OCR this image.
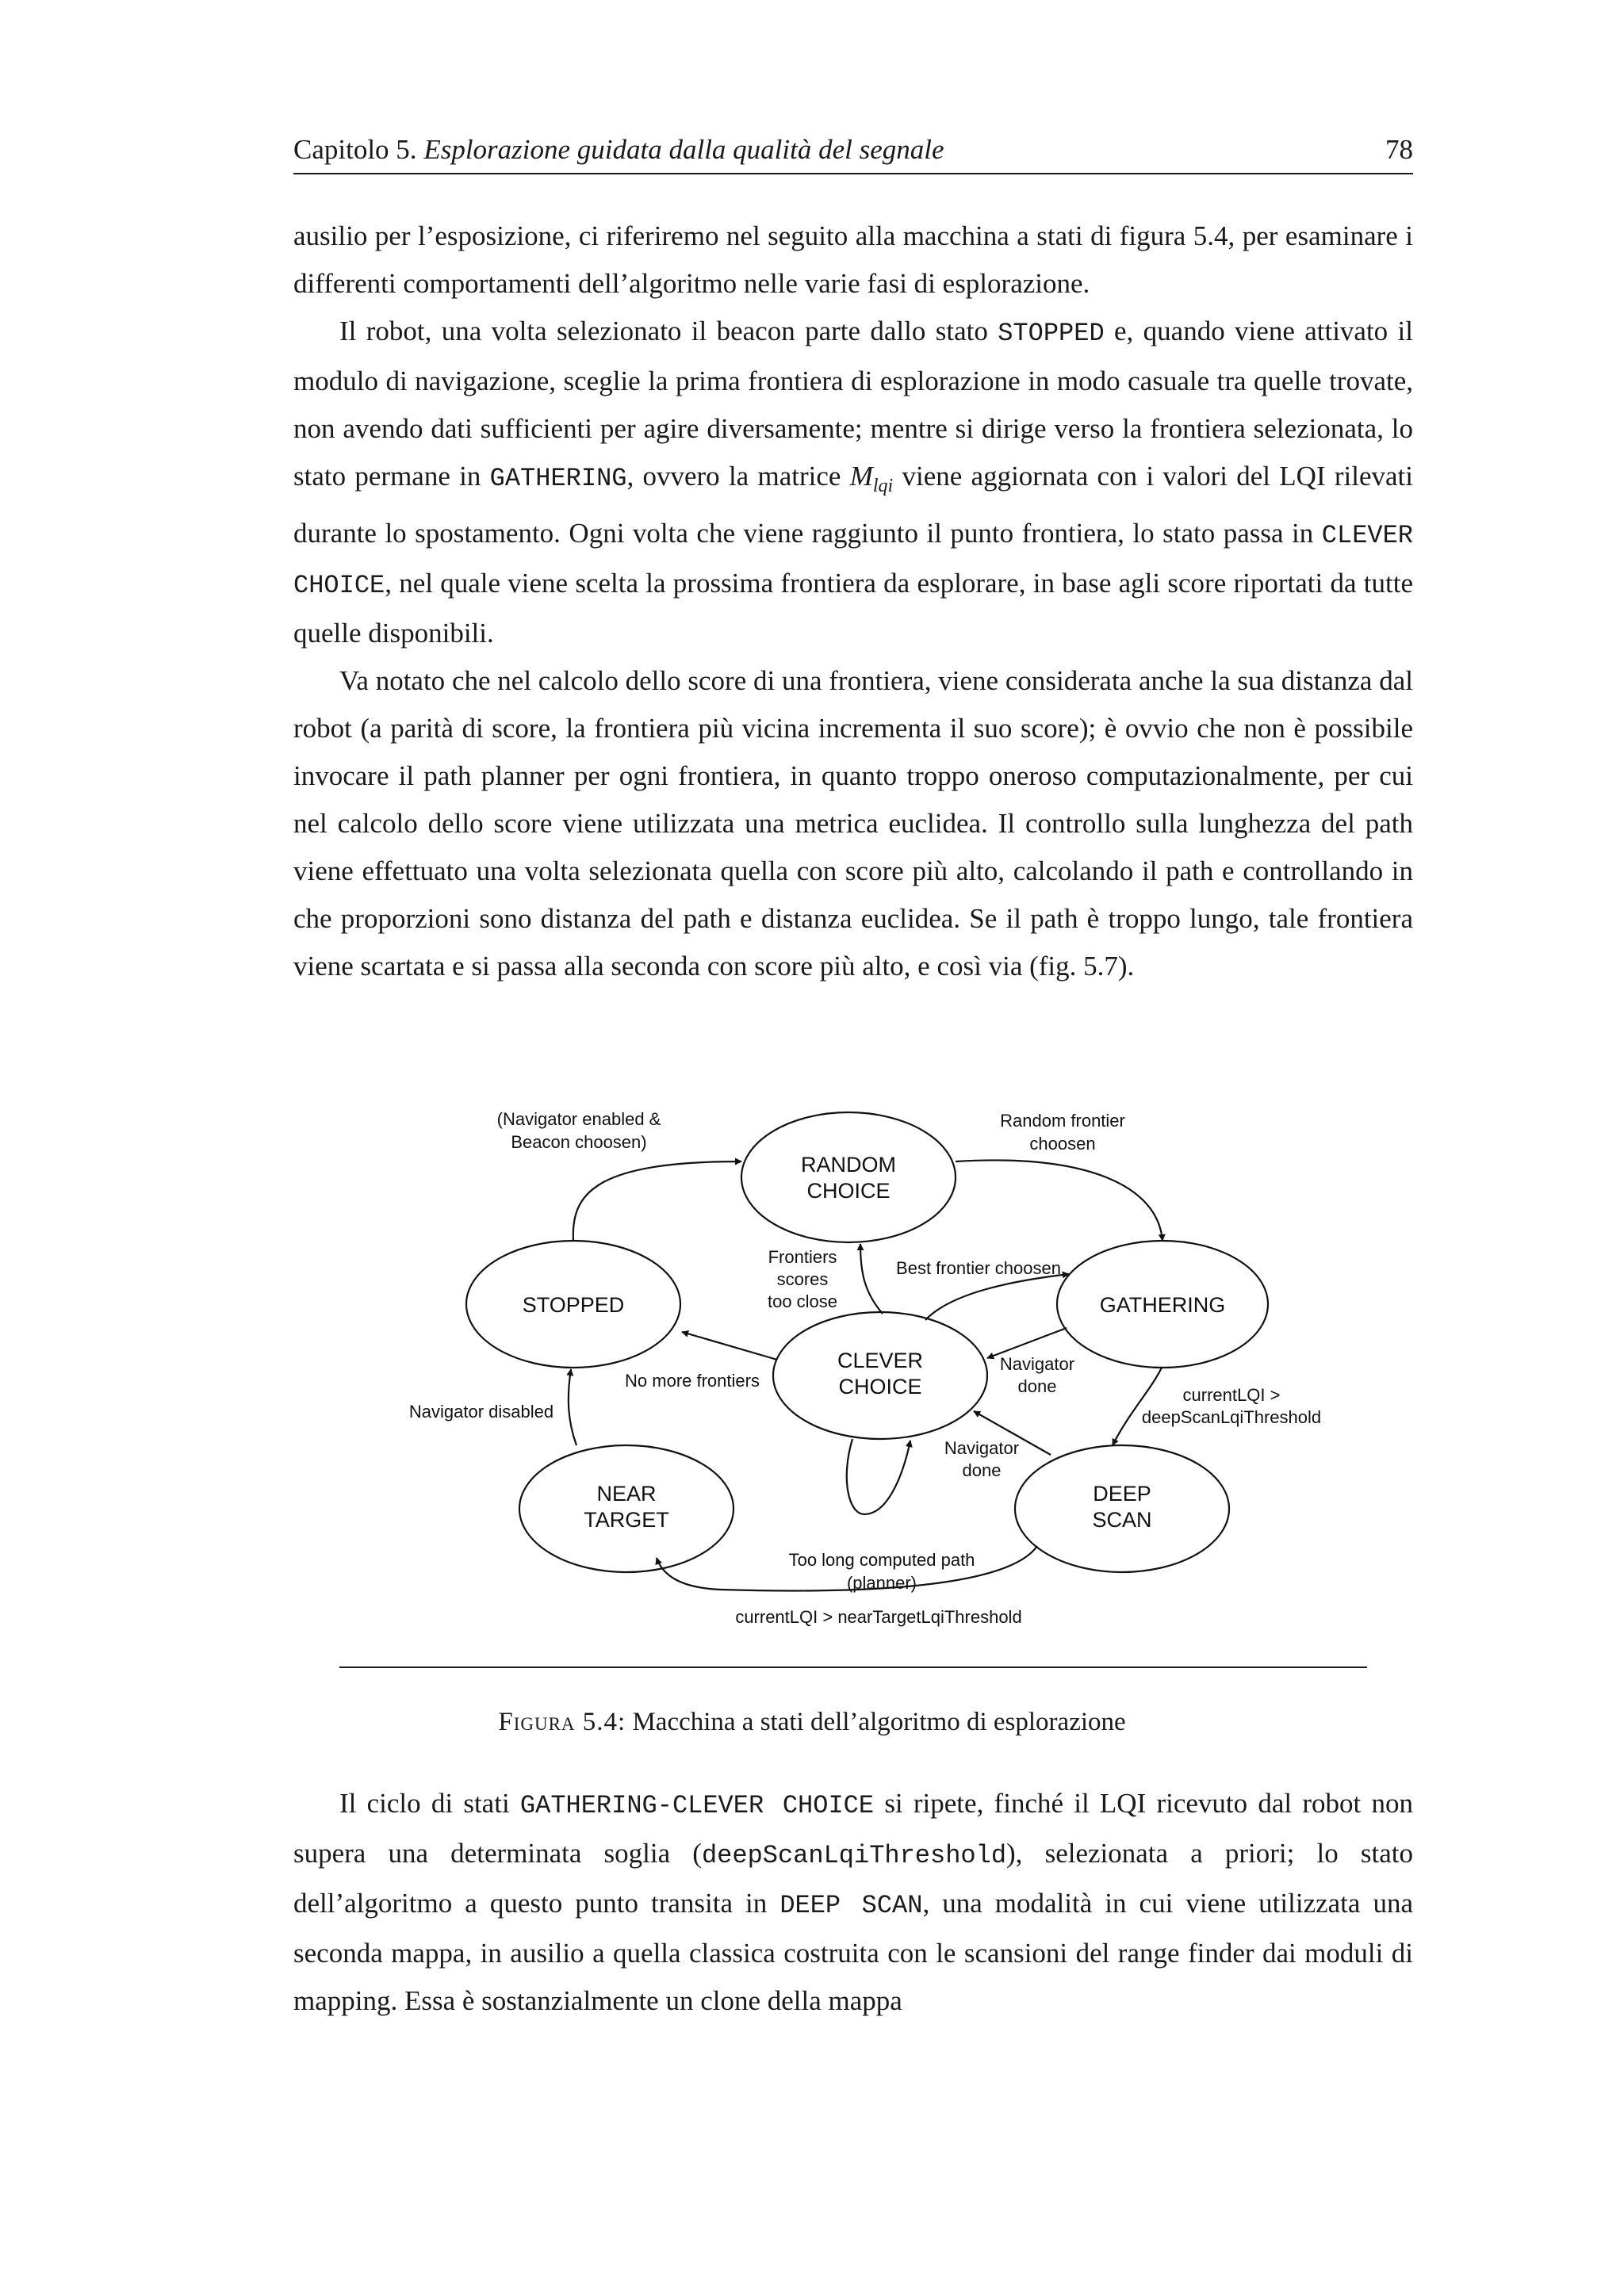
Capitolo 5. Esplorazione guidata dalla qualità del segnale	78

ausilio per l’esposizione, ci riferiremo nel seguito alla macchina a stati di figura 5.4, per esaminare i differenti comportamenti dell’algoritmo nelle varie fasi di esplorazione.

Il robot, una volta selezionato il beacon parte dallo stato STOPPED e, quando viene attivato il modulo di navigazione, sceglie la prima frontiera di esplorazione in modo casuale tra quelle trovate, non avendo dati sufficienti per agire diversamente; mentre si dirige verso la frontiera selezionata, lo stato permane in GATHERING, ovvero la matrice $M_{lqi}$ viene aggiornata con i valori del LQI rilevati durante lo spostamento. Ogni volta che viene raggiunto il punto frontiera, lo stato passa in CLEVER CHOICE, nel quale viene scelta la prossima frontiera da esplorare, in base agli score riportati da tutte quelle disponibili.

Va notato che nel calcolo dello score di una frontiera, viene considerata anche la sua distanza dal robot (a parità di score, la frontiera più vicina incrementa il suo score); è ovvio che non è possibile invocare il path planner per ogni frontiera, in quanto troppo oneroso computazionalmente, per cui nel calcolo dello score viene utilizzata una metrica euclidea. Il controllo sulla lunghezza del path viene effettuato una volta selezionata quella con score più alto, calcolando il path e controllando in che proporzioni sono distanza del path e distanza euclidea. Se il path è troppo lungo, tale frontiera viene scartata e si passa alla seconda con score più alto, e così via (fig. 5.7).

RANDOM
CHOICE
STOPPED	GATHERING
CLEVER
CHOICE
NEAR
TARGET
DEEP
SCAN
(Navigator enabled &
Beacon choosen)
Random frontier
choosen
Frontiers
scores
too close
Best frontier choosen
No more frontiers
Navigator
done
Navigator disabled
currentLQI >
deepScanLqiThreshold
Navigator
done
Too long computed path
(planner)
currentLQI > nearTargetLqiThreshold
Figura 5.4: Macchina a stati dell’algoritmo di esplorazione

Il ciclo di stati GATHERING-CLEVER CHOICE si ripete, finché il LQI ricevuto dal robot non supera una determinata soglia (deepScanLqiThreshold), selezionata a priori; lo stato dell’algoritmo a questo punto transita in DEEP SCAN, una modalità in cui viene utilizzata una seconda mappa, in ausilio a quella classica costruita con le scansioni del range finder dai moduli di mapping. Essa è sostanzialmente un clone della mappa
